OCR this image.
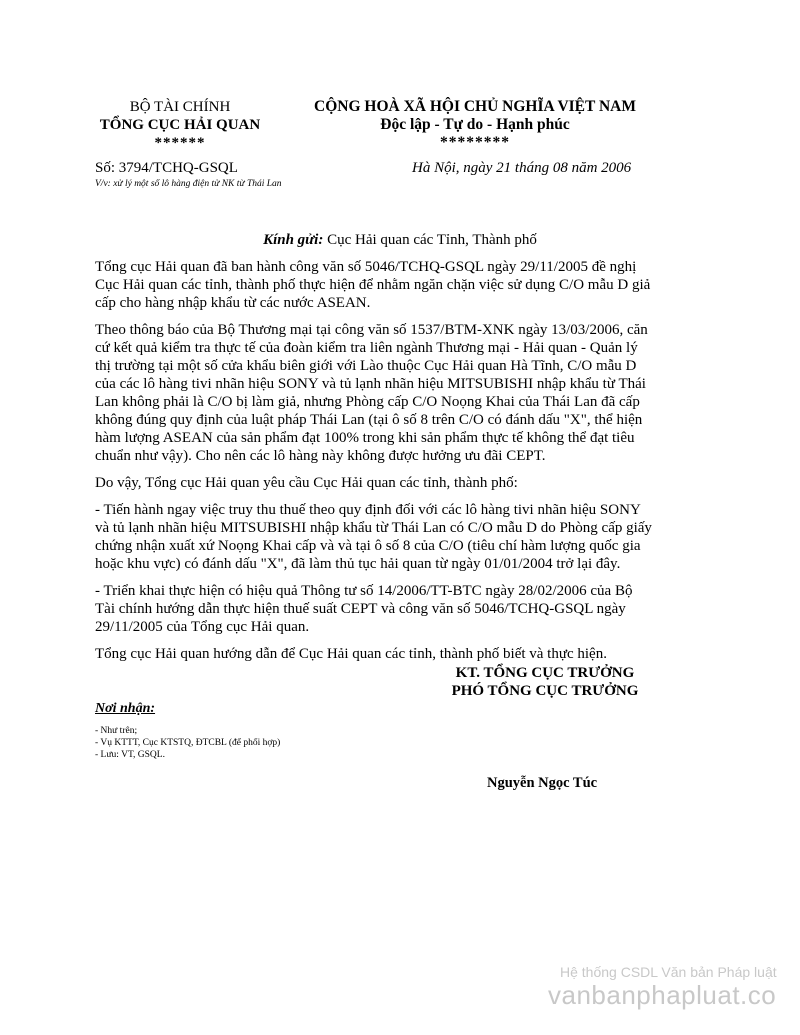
BỘ TÀI CHÍNH
TỔNG CỤC HẢI QUAN
******
CỘNG HOÀ XÃ HỘI CHỦ NGHĨA VIỆT NAM
Độc lập - Tự do - Hạnh phúc
********
Số: 3794/TCHQ-GSQL
V/v: xử lý một số lô hàng điện tử NK từ Thái Lan
Hà Nội, ngày 21 tháng 08 năm 2006
Kính gửi: Cục Hải quan các Tỉnh, Thành phố

Tổng cục Hải quan đã ban hành công văn số 5046/TCHQ-GSQL ngày 29/11/2005 đề nghị Cục Hải quan các tỉnh, thành phố thực hiện để nhằm ngăn chặn việc sử dụng C/O mẫu D giả cấp cho hàng nhập khẩu từ các nước ASEAN.

Theo thông báo của Bộ Thương mại tại công văn số 1537/BTM-XNK ngày 13/03/2006, căn cứ kết quả kiểm tra thực tế của đoàn kiểm tra liên ngành Thương mại - Hải quan - Quản lý thị trường tại một số cửa khẩu biên giới với Lào thuộc Cục Hải quan Hà Tĩnh, C/O mẫu D của các lô hàng tivi nhãn hiệu SONY và tủ lạnh nhãn hiệu MITSUBISHI nhập khẩu từ Thái Lan không phải là C/O bị làm giả, nhưng Phòng cấp C/O Noọng Khai của Thái Lan đã cấp không đúng quy định của luật pháp Thái Lan (tại ô số 8 trên C/O có đánh dấu "X", thể hiện hàm lượng ASEAN của sản phẩm đạt 100% trong khi sản phẩm thực tế không thể đạt tiêu chuẩn như vậy). Cho nên các lô hàng này không được hưởng ưu đãi CEPT.

Do vậy, Tổng cục Hải quan yêu cầu Cục Hải quan các tỉnh, thành phố:

- Tiến hành ngay việc truy thu thuế theo quy định đối với các lô hàng tivi nhãn hiệu SONY và tủ lạnh nhãn hiệu MITSUBISHI nhập khẩu từ Thái Lan có C/O mẫu D do Phòng cấp giấy chứng nhận xuất xứ Noọng Khai cấp và và tại ô số 8 của C/O (tiêu chí hàm lượng quốc gia hoặc khu vực) có đánh dấu "X", đã làm thủ tục hải quan từ ngày 01/01/2004 trở lại đây.

- Triển khai thực hiện có hiệu quả Thông tư số 14/2006/TT-BTC ngày 28/02/2006 của Bộ Tài chính hướng dẫn thực hiện thuế suất CEPT và công văn số 5046/TCHQ-GSQL ngày 29/11/2005 của Tổng cục Hải quan.

Tổng cục Hải quan hướng dẫn để Cục Hải quan các tỉnh, thành phố biết và thực hiện.

KT. TỔNG CỤC TRƯỞNG
PHÓ TỔNG CỤC TRƯỞNG
Nơi nhận:
- Như trên;
- Vụ KTTT, Cục KTSTQ, ĐTCBL (để phối hợp)
- Lưu: VT, GSQL.
Nguyễn Ngọc Túc
Hệ thống CSDL Văn bản Pháp luật
vanbanphapluat.co
